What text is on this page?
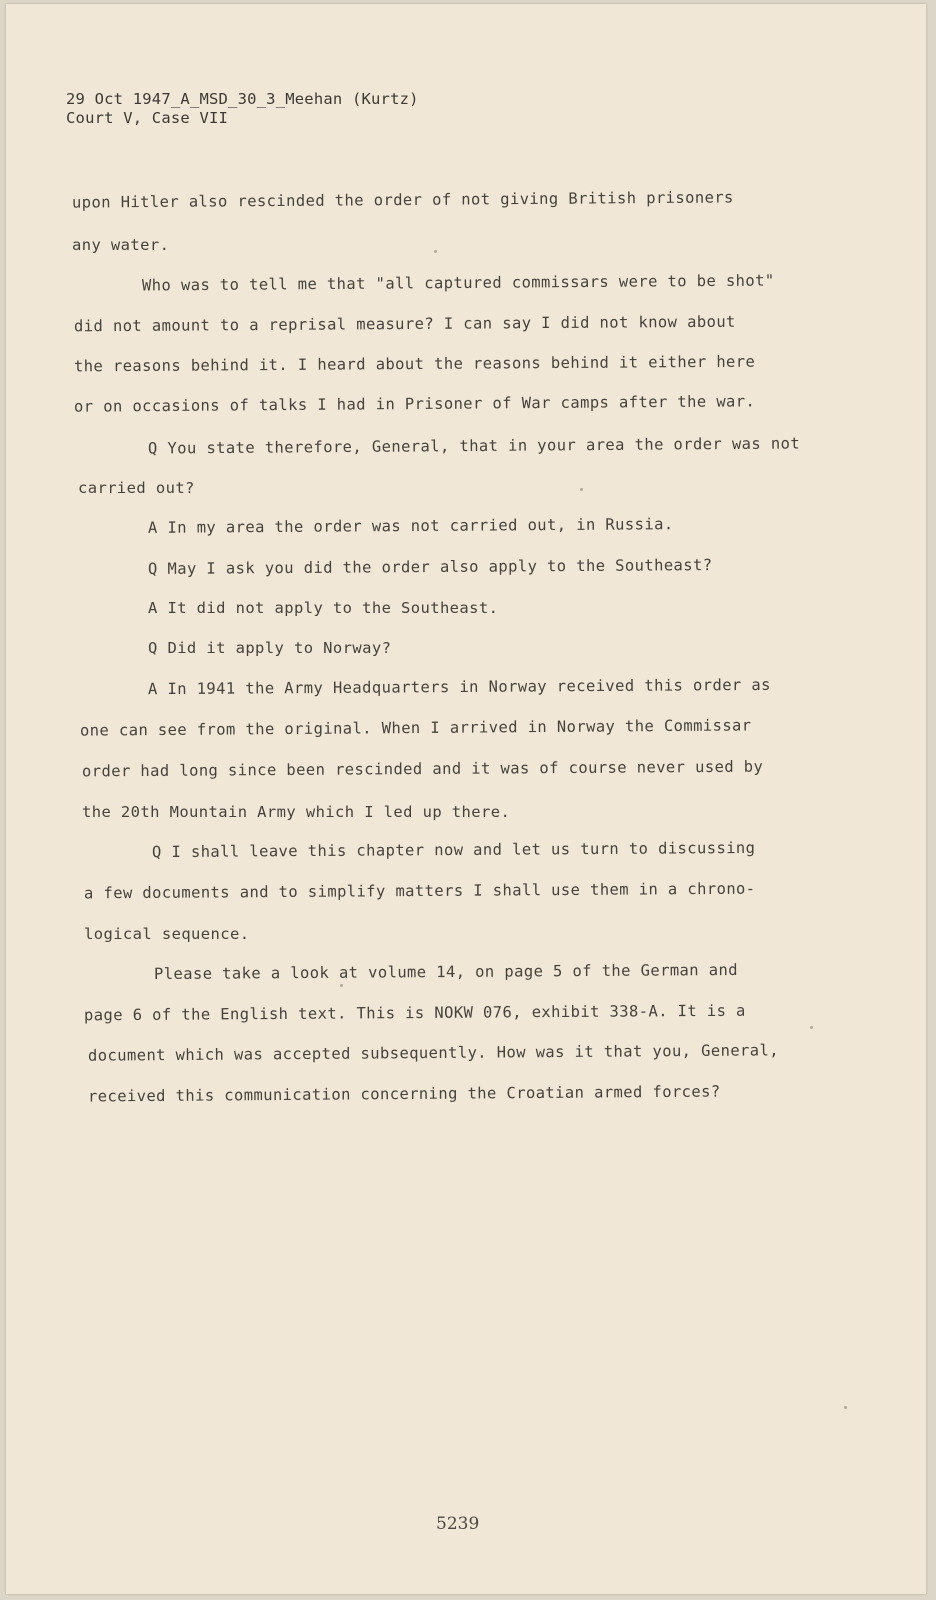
29 Oct 1947_A_MSD_30_3_Meehan (Kurtz)
Court V, Case VII
upon Hitler also rescinded the order of not giving British prisoners
any water.
Who was to tell me that "all captured commissars were to be shot"
did not amount to a reprisal measure? I can say I did not know about
the reasons behind it. I heard about the reasons behind it either here
or on occasions of talks I had in Prisoner of War camps after the war.
Q You state therefore, General, that in your area the order was not
carried out?
A In my area the order was not carried out, in Russia.
Q May I ask you did the order also apply to the Southeast?
A It did not apply to the Southeast.
Q Did it apply to Norway?
A In 1941 the Army Headquarters in Norway received this order as
one can see from the original. When I arrived in Norway the Commissar
order had long since been rescinded and it was of course never used by
the 20th Mountain Army which I led up there.
Q I shall leave this chapter now and let us turn to discussing
a few documents and to simplify matters I shall use them in a chrono-
logical sequence.
Please take a look at volume 14, on page 5 of the German and
page 6 of the English text. This is NOKW 076, exhibit 338-A. It is a
document which was accepted subsequently. How was it that you, General,
received this communication concerning the Croatian armed forces?
5239
